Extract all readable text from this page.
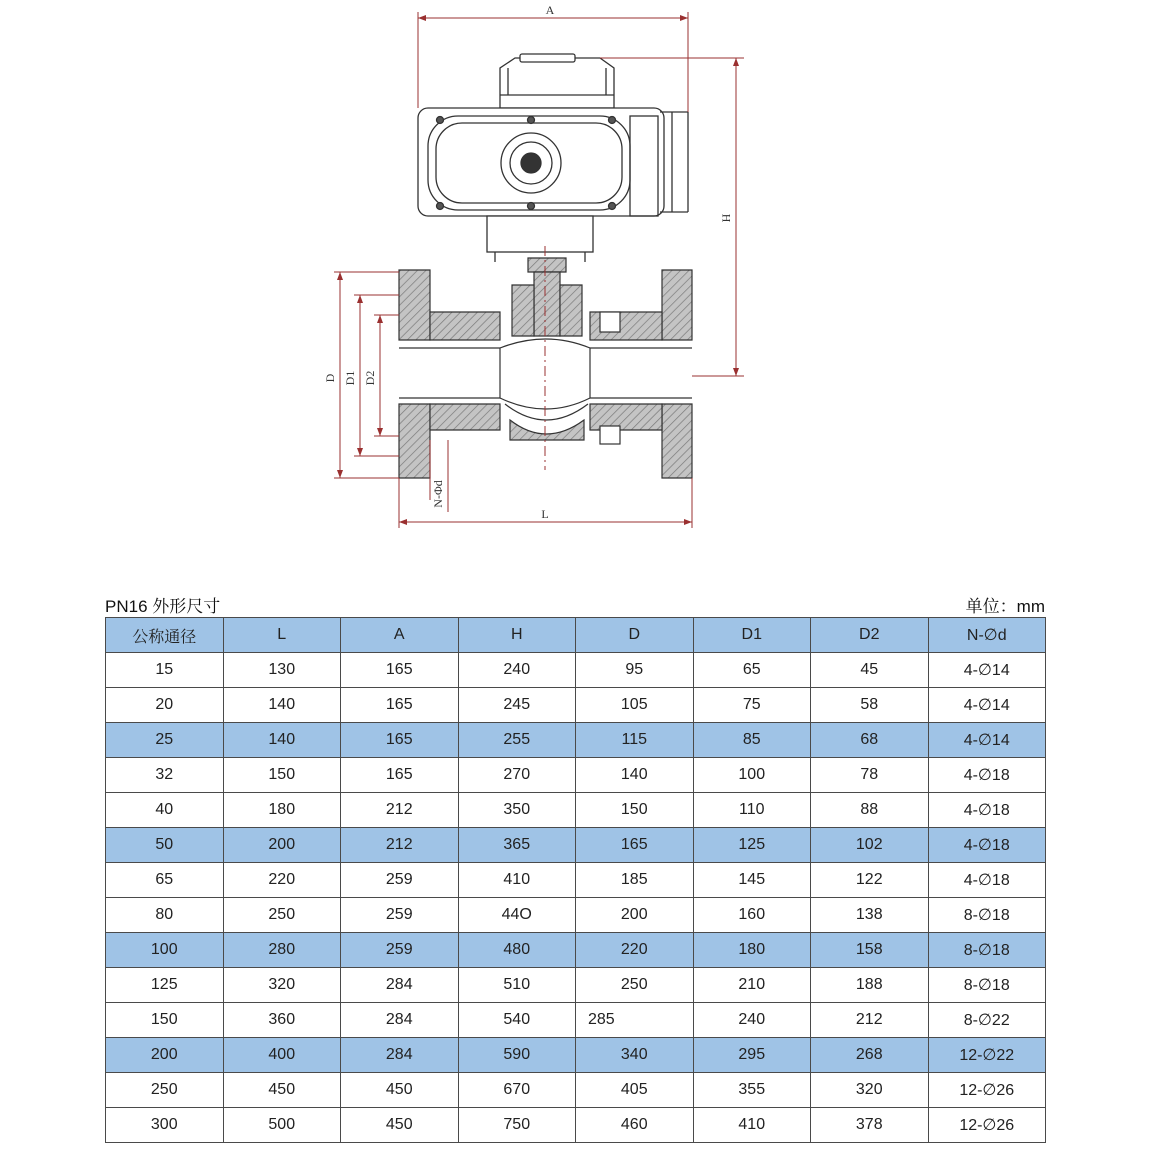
A
H
D D1 D2
N-Φd
L
PN16 外形尺寸	单位：mm
公称通径	L	A	H	D	D1	D2	N-∅d
15	130	165	240	95	65	45	4-∅14
20	140	165	245	105	75	58	4-∅14
25	140	165	255	115	85	68	4-∅14
32	150	165	270	140	100	78	4-∅18
40	180	212	350	150	110	88	4-∅18
50	200	212	365	165	125	102	4-∅18
65	220	259	410	185	145	122	4-∅18
80	250	259	44O	200	160	138	8-∅18
100	280	259	480	220	180	158	8-∅18
125	320	284	510	250	210	188	8-∅18
150	360	284	540	285	240	212	8-∅22
200	400	284	590	340	295	268	12-∅22
250	450	450	670	405	355	320	12-∅26
300	500	450	750	460	410	378	12-∅26
